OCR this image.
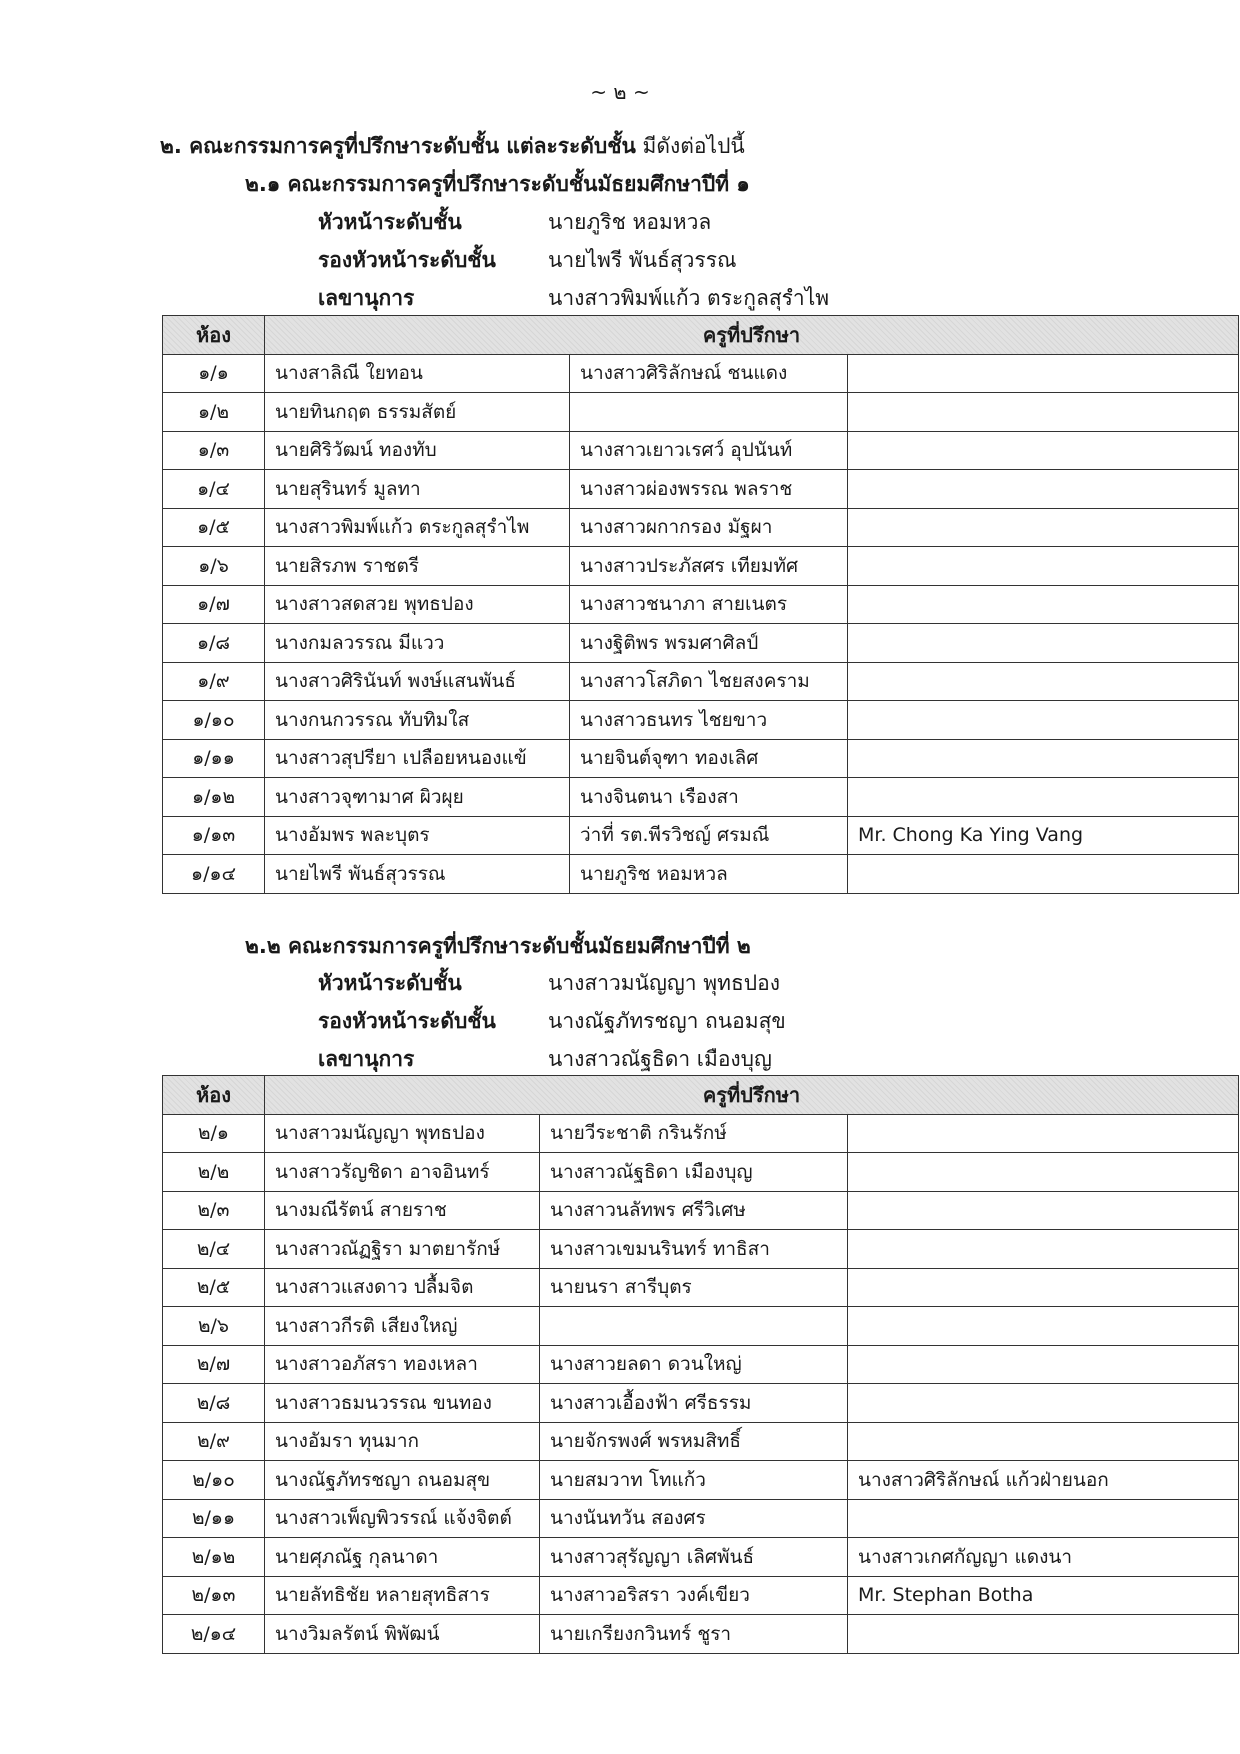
~ ๒ ~
๒. คณะกรรมการครูที่ปรึกษาระดับชั้น แต่ละระดับชั้น มีดังต่อไปนี้
๒.๑ คณะกรรมการครูที่ปรึกษาระดับชั้นมัธยมศึกษาปีที่ ๑
หัวหน้าระดับชั้น	นายภูริช หอมหวล
รองหัวหน้าระดับชั้น นายไพรี พันธ์สุวรรณ
เลขานุการ	นางสาวพิมพ์แก้ว ตระกูลสุรำไพ
ห้อง	ครูที่ปรึกษา		
๑/๑	นางสาลิณี ใยทอน	นางสาวศิริลักษณ์ ชนแดง	
๑/๒	นายทินกฤต ธรรมสัตย์		
๑/๓	นายศิริวัฒน์ ทองทับ	นางสาวเยาวเรศว์ อุปนันท์	
๑/๔	นายสุรินทร์ มูลทา	นางสาวผ่องพรรณ พลราช	
๑/๕	นางสาวพิมพ์แก้ว ตระกูลสุรำไพ	นางสาวผกากรอง มัฐผา	
๑/๖	นายสิรภพ ราชตรี	นางสาวประภัสศร เทียมทัศ	
๑/๗	นางสาวสดสวย พุทธปอง	นางสาวชนาภา สายเนตร	
๑/๘	นางกมลวรรณ มีแวว	นางฐิติพร พรมศาศิลป์	
๑/๙	นางสาวศิรินันท์ พงษ์แสนพันธ์	นางสาวโสภิดา ไชยสงคราม	
๑/๑๐	นางกนกวรรณ ทับทิมใส	นางสาวธนทร ไชยขาว	
๑/๑๑	นางสาวสุปรียา เปลือยหนองแข้	นายจินต์จุฑา ทองเลิศ	
๑/๑๒	นางสาวจุฑามาศ ผิวผุย	นางจินตนา เรืองสา	
๑/๑๓	นางอัมพร พละบุตร	ว่าที่ รต.พีรวิชญ์ ศรมณี	Mr. Chong Ka Ying Vang
๑/๑๔	นายไพรี พันธ์สุวรรณ	นายภูริช หอมหวล	
๒.๒ คณะกรรมการครูที่ปรึกษาระดับชั้นมัธยมศึกษาปีที่ ๒
หัวหน้าระดับชั้น	นางสาวมนัญญา พุทธปอง
รองหัวหน้าระดับชั้น นางณัฐภัทรชญา ถนอมสุข
เลขานุการ	นางสาวณัฐธิดา เมืองบุญ
ห้อง	ครูที่ปรึกษา		
๒/๑	นางสาวมนัญญา พุทธปอง	นายวีระชาติ กรินรักษ์	
๒/๒	นางสาวรัญชิดา อาจอินทร์	นางสาวณัฐธิดา เมืองบุญ	
๒/๓	นางมณีรัตน์ สายราช	นางสาวนลัทพร ศรีวิเศษ	
๒/๔	นางสาวณัฏฐิรา มาตยารักษ์	นางสาวเขมนรินทร์ ทาธิสา	
๒/๕	นางสาวแสงดาว ปลื้มจิต	นายนรา สารีบุตร	
๒/๖	นางสาวกีรติ เสียงใหญ่		
๒/๗	นางสาวอภัสรา ทองเหลา	นางสาวยลดา ดวนใหญ่	
๒/๘	นางสาวธมนวรรณ ขนทอง	นางสาวเอื้องฟ้า ศรีธรรม	
๒/๙	นางอัมรา ทุนมาก	นายจักรพงศ์ พรหมสิทธิ์	
๒/๑๐	นางณัฐภัทรชญา ถนอมสุข	นายสมวาท โทแก้ว	นางสาวศิริลักษณ์ แก้วฝ่ายนอก
๒/๑๑	นางสาวเพ็ญพิวรรณ์ แจ้งจิตต์	นางนันทวัน สองศร	
๒/๑๒	นายศุภณัฐ กุลนาดา	นางสาวสุรัญญา เลิศพันธ์	นางสาวเกศกัญญา แดงนา
๒/๑๓	นายลัทธิชัย หลายสุทธิสาร	นางสาวอริสรา วงค์เขียว	Mr. Stephan Botha
๒/๑๔	นางวิมลรัตน์ พิพัฒน์	นายเกรียงกวินทร์ ชูรา	
